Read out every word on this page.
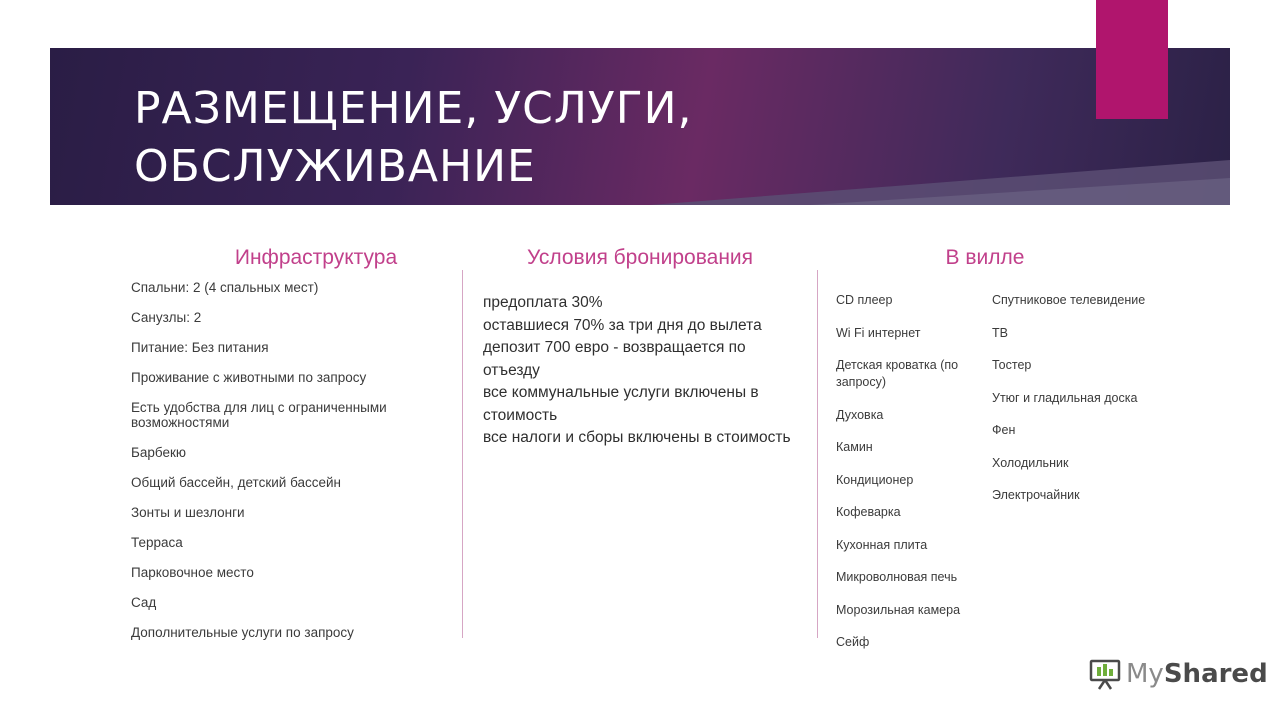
РАЗМЕЩЕНИЕ, УСЛУГИ,
ОБСЛУЖИВАНИЕ
Инфраструктура	Условия бронирования	В вилле
Спальни: 2 (4 спальных мест)
Санузлы: 2
Питание: Без питания
Проживание с животными по запросу
Есть удобства для лиц с ограниченными возможностями
Барбекю
Общий бассейн, детский бассейн
Зонты и шезлонги
Терраса
Парковочное место
Сад
Дополнительные услуги по запросу
предоплата 30%
оставшиеся 70% за три дня до вылета
депозит 700 евро - возвращается по отъезду
все коммунальные услуги включены в стоимость
все налоги и сборы включены в стоимость
CD плеер
Wi Fi интернет
Детская кроватка (по запросу)
Духовка
Камин
Кондиционер
Кофеварка
Кухонная плита
Микроволновая печь
Морозильная камера
Сейф
Спутниковое телевидение
ТВ
Тостер
Утюг и гладильная доска
Фен
Холодильник
Электрочайник
MyShared
